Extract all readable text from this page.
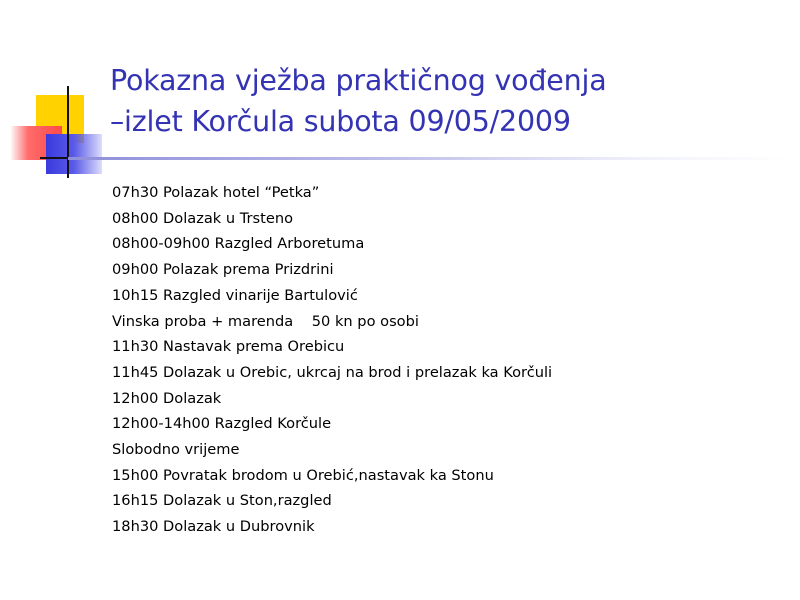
Pokazna vježba praktičnog vođenja
–izlet Korčula subota 09/05/2009
07h30 Polazak hotel “Petka”
08h00 Dolazak u Trsteno
08h00-09h00 Razgled Arboretuma
09h00 Polazak prema Prizdrini
10h15 Razgled vinarije Bartulović
Vinska proba + marenda    50 kn po osobi
11h30 Nastavak prema Orebicu
11h45 Dolazak u Orebic, ukrcaj na brod i prelazak ka Korčuli
12h00 Dolazak
12h00-14h00 Razgled Korčule
Slobodno vrijeme
15h00 Povratak brodom u Orebić,nastavak ka Stonu
16h15 Dolazak u Ston,razgled
18h30 Dolazak u Dubrovnik
